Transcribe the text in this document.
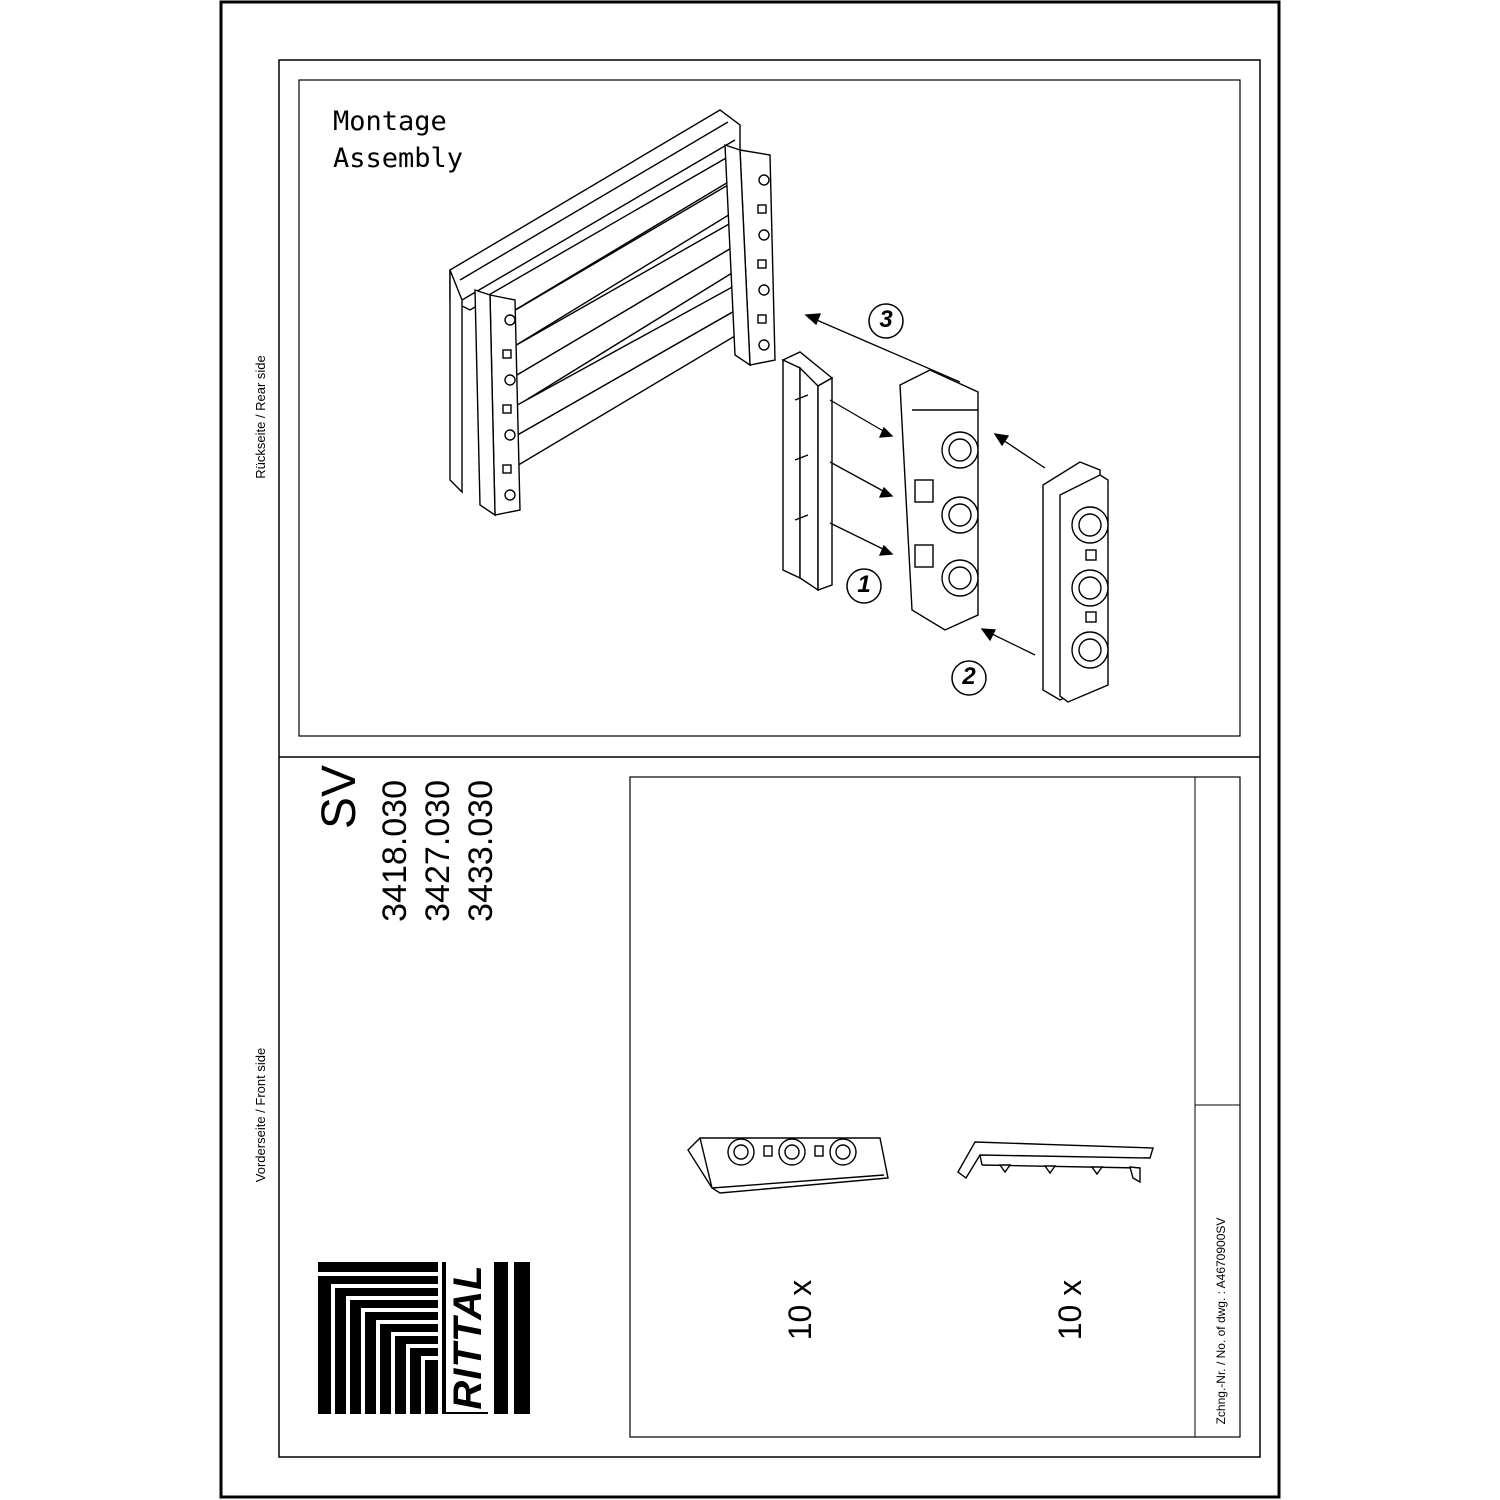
Montage
Assembly
1
2
3
Rückseite / Rear side
Vorderseite / Front side
SV 3418.030 3427.030 3433.030
10 x	10 x	Zchng.-Nr. / No. of dwg. : A4670900SV
RITTAL
